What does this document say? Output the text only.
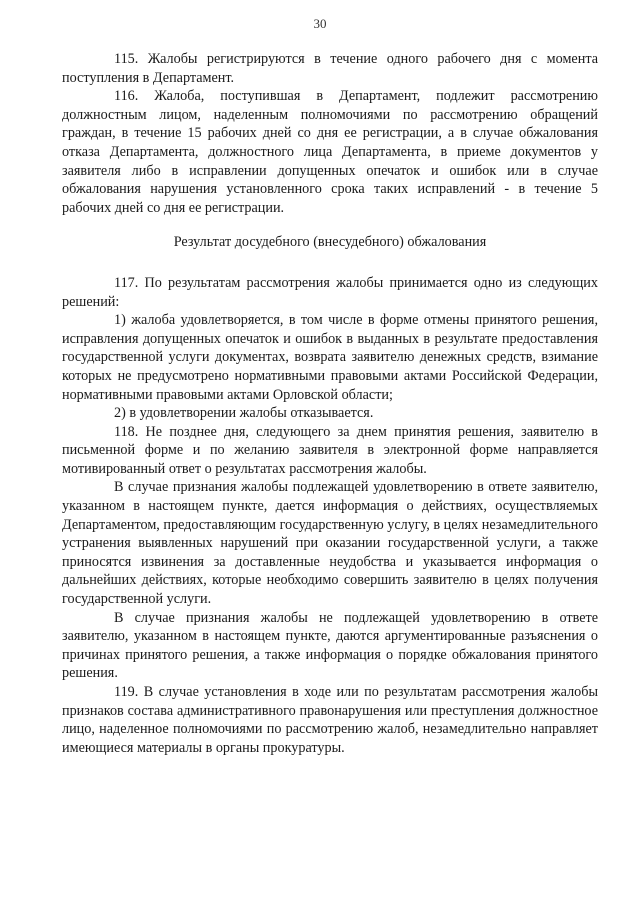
30

115. Жалобы регистрируются в течение одного рабочего дня с момента поступления в Департамент.

116. Жалоба, поступившая в Департамент, подлежит рассмотрению должностным лицом, наделенным полномочиями по рассмотрению обращений граждан, в течение 15 рабочих дней со дня ее регистрации, а в случае обжалования отказа Департамента, должностного лица Департамента, в приеме документов у заявителя либо в исправлении допущенных опечаток и ошибок или в случае обжалования нарушения установленного срока таких исправлений - в течение 5 рабочих дней со дня ее регистрации.

Результат досудебного (внесудебного) обжалования

117. По результатам рассмотрения жалобы принимается одно из следующих решений:

1) жалоба удовлетворяется, в том числе в форме отмены принятого решения, исправления допущенных опечаток и ошибок в выданных в результате предоставления государственной услуги документах, возврата заявителю денежных средств, взимание которых не предусмотрено нормативными правовыми актами Российской Федерации, нормативными правовыми актами Орловской области;

2) в удовлетворении жалобы отказывается.

118. Не позднее дня, следующего за днем принятия решения, заявителю в письменной форме и по желанию заявителя в электронной форме направляется мотивированный ответ о результатах рассмотрения жалобы.

В случае признания жалобы подлежащей удовлетворению в ответе заявителю, указанном в настоящем пункте, дается информация о действиях, осуществляемых Департаментом, предоставляющим государственную услугу, в целях незамедлительного устранения выявленных нарушений при оказании государственной услуги, а также приносятся извинения за доставленные неудобства и указывается информация о дальнейших действиях, которые необходимо совершить заявителю в целях получения государственной услуги.

В случае признания жалобы не подлежащей удовлетворению в ответе заявителю, указанном в настоящем пункте, даются аргументированные разъяснения о причинах принятого решения, а также информация о порядке обжалования принятого решения.

119. В случае установления в ходе или по результатам рассмотрения жалобы признаков состава административного правонарушения или преступления должностное лицо, наделенное полномочиями по рассмотрению жалоб, незамедлительно направляет имеющиеся материалы в органы прокуратуры.
